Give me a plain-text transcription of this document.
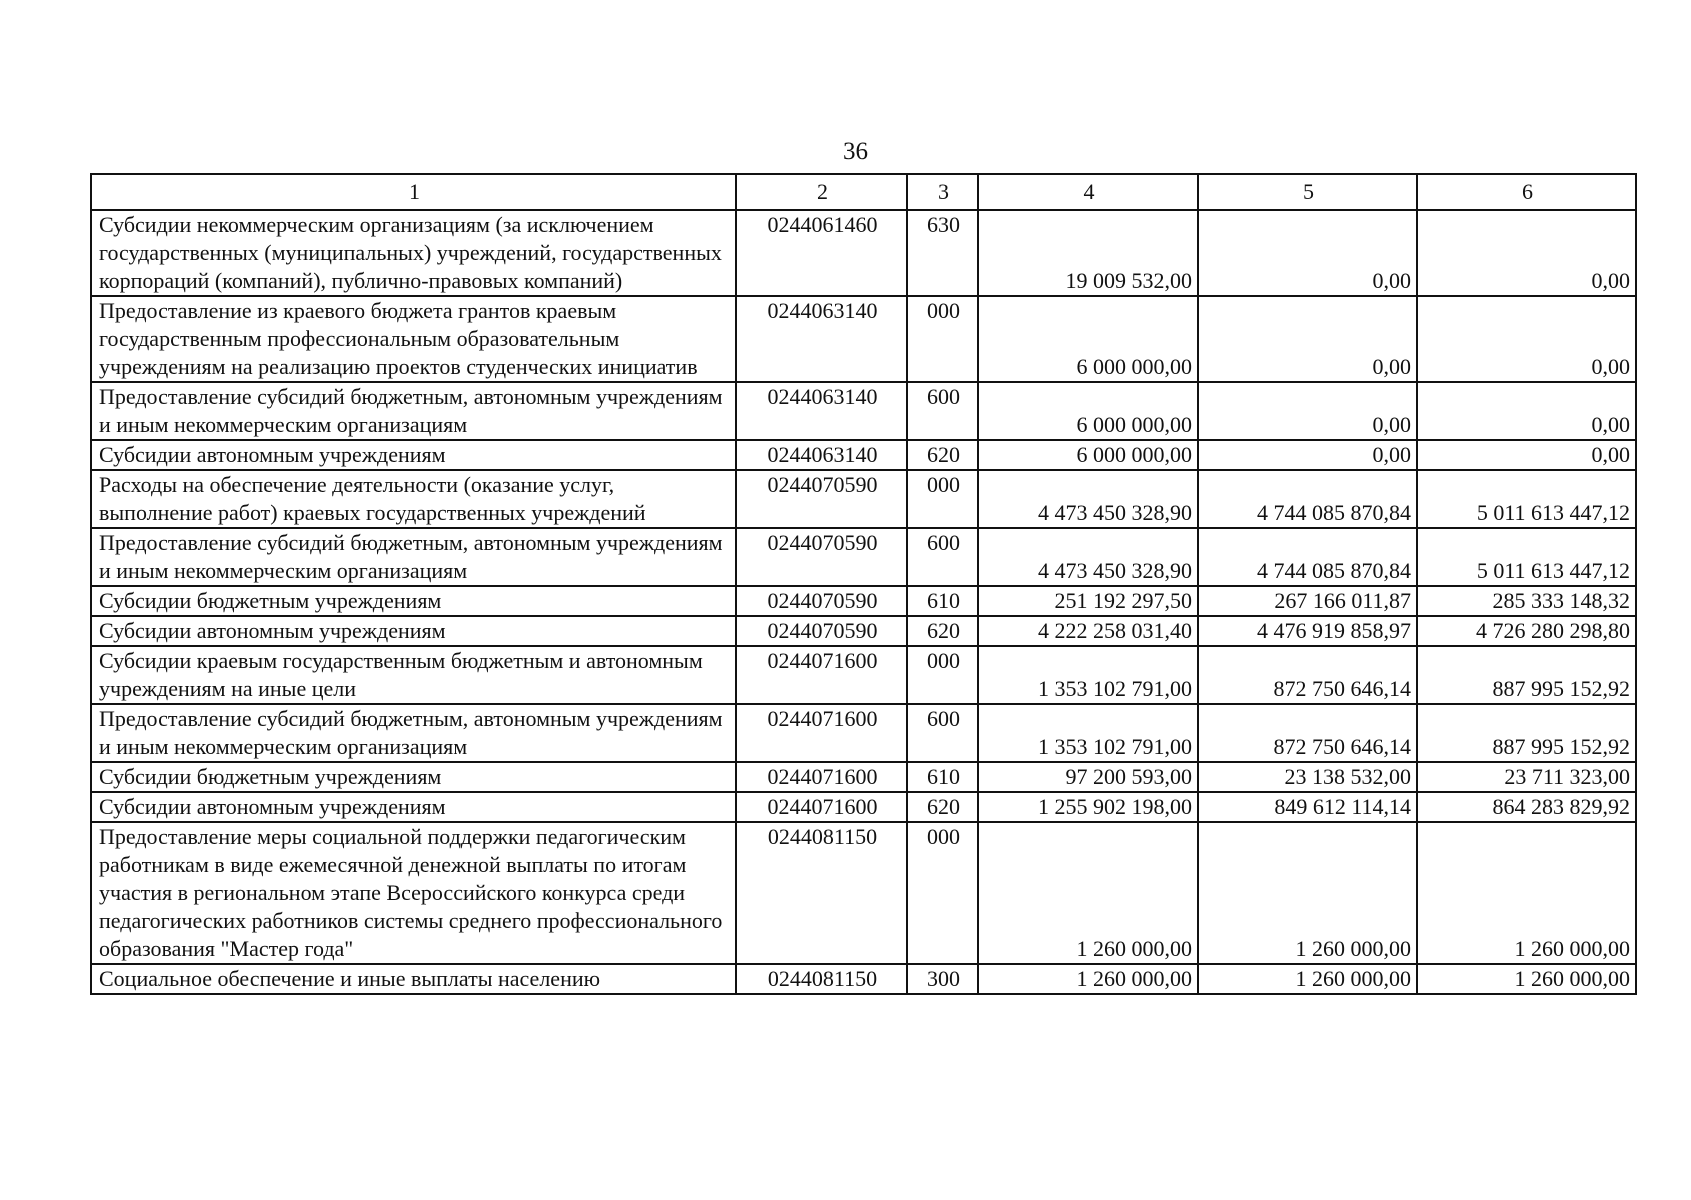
36
1	2	3	4	5	6
Субсидии некоммерческим организациям (за исключением государственных (муниципальных) учреждений, государственных корпораций (компаний), публично-правовых компаний)	0244061460	630	19 009 532,00	0,00	0,00
Предоставление из краевого бюджета грантов краевым государственным профессиональным образовательным учреждениям на реализацию проектов студенческих инициатив	0244063140	000	6 000 000,00	0,00	0,00
Предоставление субсидий бюджетным, автономным учреждениям и иным некоммерческим организациям	0244063140	600	6 000 000,00	0,00	0,00
Субсидии автономным учреждениям	0244063140	620	6 000 000,00	0,00	0,00
Расходы на обеспечение деятельности (оказание услуг, выполнение работ) краевых государственных учреждений	0244070590	000	4 473 450 328,90	4 744 085 870,84	5 011 613 447,12
Предоставление субсидий бюджетным, автономным учреждениям и иным некоммерческим организациям	0244070590	600	4 473 450 328,90	4 744 085 870,84	5 011 613 447,12
Субсидии бюджетным учреждениям	0244070590	610	251 192 297,50	267 166 011,87	285 333 148,32
Субсидии автономным учреждениям	0244070590	620	4 222 258 031,40	4 476 919 858,97	4 726 280 298,80
Субсидии краевым государственным бюджетным и автономным учреждениям на иные цели	0244071600	000	1 353 102 791,00	872 750 646,14	887 995 152,92
Предоставление субсидий бюджетным, автономным учреждениям и иным некоммерческим организациям	0244071600	600	1 353 102 791,00	872 750 646,14	887 995 152,92
Субсидии бюджетным учреждениям	0244071600	610	97 200 593,00	23 138 532,00	23 711 323,00
Субсидии автономным учреждениям	0244071600	620	1 255 902 198,00	849 612 114,14	864 283 829,92
Предоставление меры социальной поддержки педагогическим работникам в виде ежемесячной денежной выплаты по итогам участия в региональном этапе Всероссийского конкурса среди педагогических работников системы среднего профессионального образования "Мастер года"	0244081150	000	1 260 000,00	1 260 000,00	1 260 000,00
Социальное обеспечение и иные выплаты населению	0244081150	300	1 260 000,00	1 260 000,00	1 260 000,00
